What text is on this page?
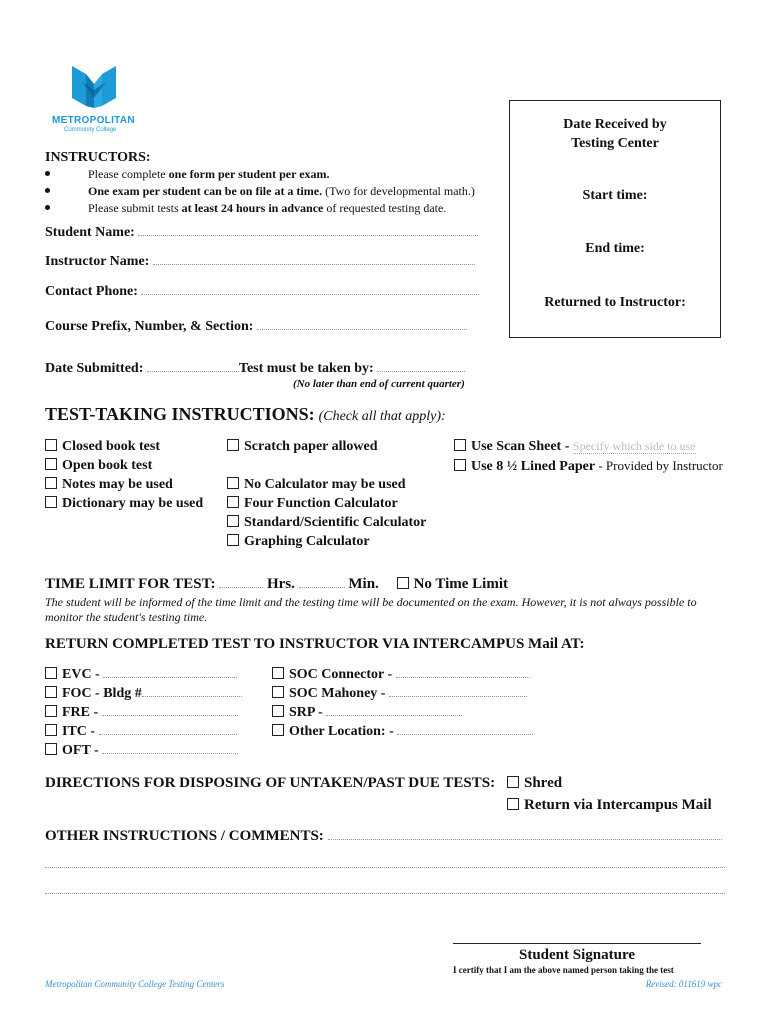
METROPOLITAN
Community College	Date Received by Testing Center
Start time:
End time:
Returned to Instructor:
INSTRUCTORS:
Please complete one form per student per exam.
One exam per student can be on file at a time. (Two for developmental math.)
Please submit tests at least 24 hours in advance of requested testing date.
Student Name:
Instructor Name:
Contact Phone:
Course Prefix, Number, & Section:
Date Submitted:	Test must be taken by:
(No later than end of current quarter)
TEST-TAKING INSTRUCTIONS: (Check all that apply):
Closed book test
Open book test
Notes may be used
Dictionary may be used
Scratch paper allowed
No Calculator may be used
Four Function Calculator
Standard/Scientific Calculator
Graphing Calculator
Use Scan Sheet - Specify which side to use
Use 8 ½ Lined Paper - Provided by Instructor
TIME LIMIT FOR TEST:	Hrs.	Min. No Time Limit
The student will be informed of the time limit and the testing time will be documented on the exam. However, it is not always possible to monitor the student's testing time.
RETURN COMPLETED TEST TO INSTRUCTOR VIA INTERCAMPUS Mail AT:
EVC -
FOC - Bldg #
FRE -
ITC -
OFT -
SOC Connector -
SOC Mahoney -
SRP -
Other Location: -
DIRECTIONS FOR DISPOSING OF UNTAKEN/PAST DUE TESTS:	Shred
Return via Intercampus Mail
OTHER INSTRUCTIONS / COMMENTS:
Student Signature
I certify that I am the above named person taking the test
Metropolitan Community College Testing Centers	Revised: 011619 wpc
